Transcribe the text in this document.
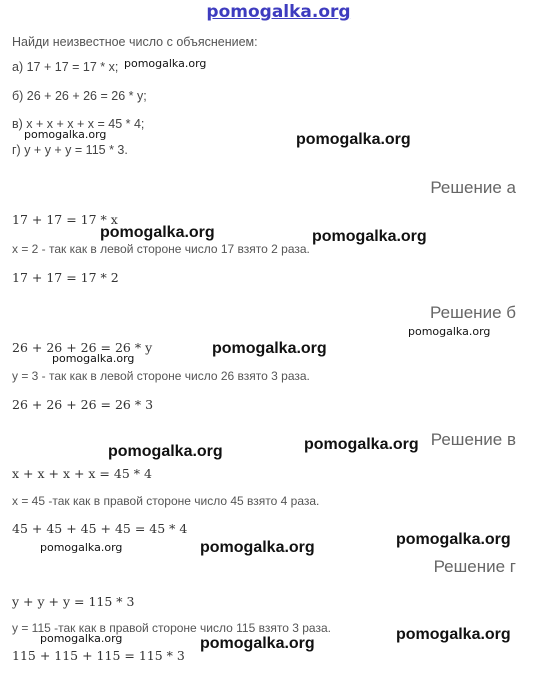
pomogalka.org
Найди неизвестное число с объяснением:
а) 17 + 17 = 17 * x;
б) 26 + 26 + 26 = 26 * y;
в) x + x + x + x = 45 * 4;
г) y + y + y = 115 * 3.
Решение а
17 + 17 = 17 * x
x = 2 - так как в левой стороне число 17 взято 2 раза.
17 + 17 = 17 * 2
Решение б
26 + 26 + 26 = 26 * y
y = 3 - так как в левой стороне число 26 взято 3 раза.
26 + 26 + 26 = 26 * 3
Решение в
x + x + x + x = 45 * 4
x = 45 -так как в правой стороне число 45 взято 4 раза.
45 + 45 + 45 + 45 = 45 * 4
Решение г
y + y + y = 115 * 3
y = 115 -так как в правой стороне число 115 взято 3 раза.
115 + 115 + 115 = 115 * 3
pomogalka.org
pomogalka.org	pomogalka.org
pomogalka.org	pomogalka.org
pomogalka.org
pomogalka.org
pomogalka.org
pomogalka.org	pomogalka.org
pomogalka.org	pomogalka.org	pomogalka.org
pomogalka.org	pomogalka.org
pomogalka.org
